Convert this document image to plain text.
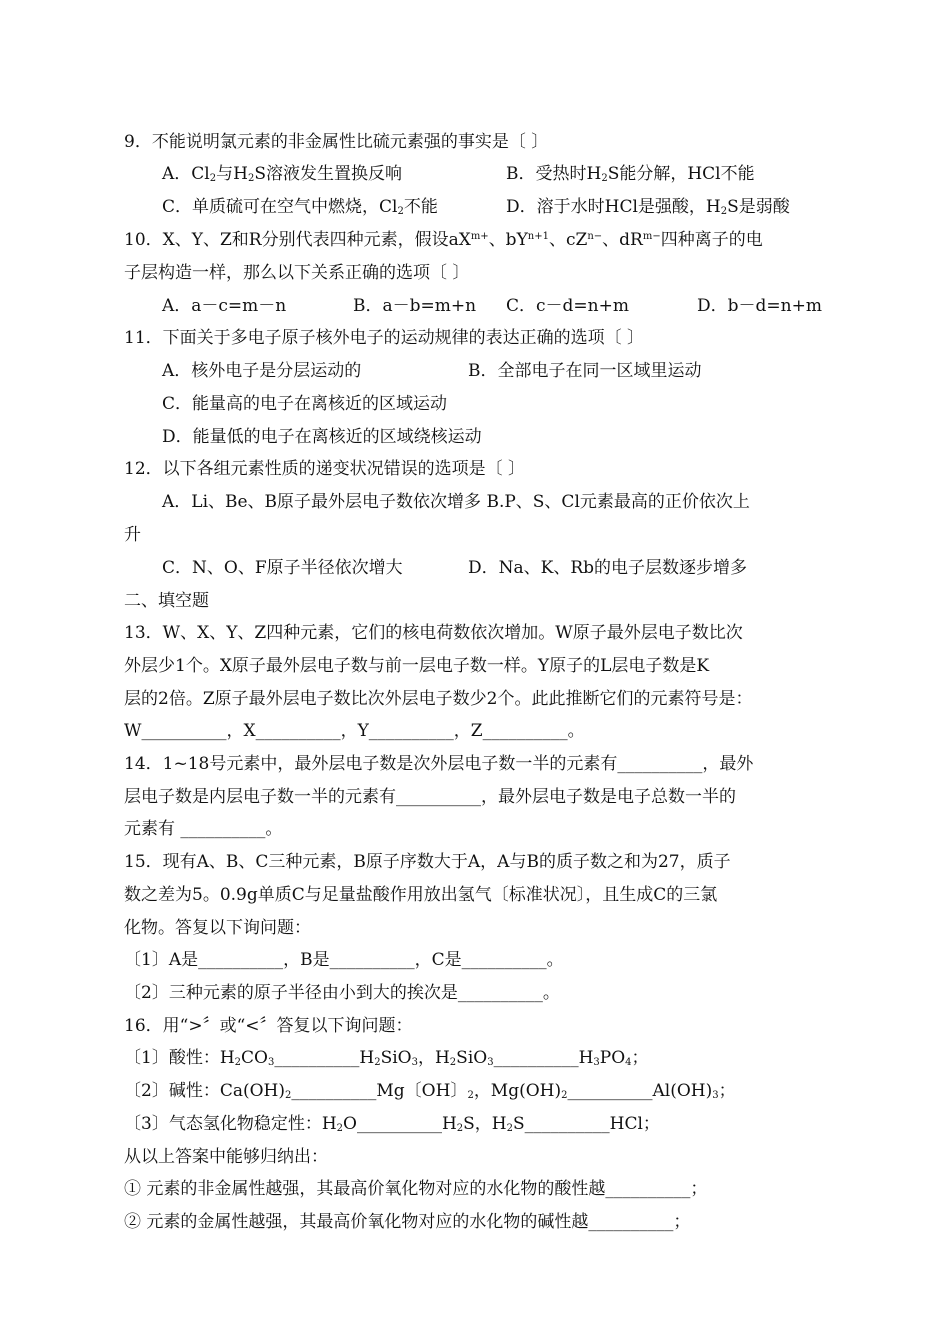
9．不能说明氯元素的非金属性比硫元素强的事实是〔 〕
A．$Cl_2$与$H_2S$溶液发生置换反响	B．受热时$H_2S$能分解，HCl不能
C．单质硫可在空气中燃烧，$Cl_2$不能	D．溶于水时HCl是强酸，$H_2S$是弱酸
10．X、Y、Z和R分别代表四种元素，假设$aX^{m+}$、$bY^{n+1}$、$cZ^{n-}$、$dR^{m-}$四种离子的电
子层构造一样，那么以下关系正确的选项〔 〕
A．a－c=m－n	B．a－b=m+n C．c－d=n+m	D．b－d=n+m
11．下面关于多电子原子核外电子的运动规律的表达正确的选项〔 〕
A．核外电子是分层运动的	B．全部电子在同一区域里运动
C．能量高的电子在离核近的区域运动
D．能量低的电子在离核近的区域绕核运动
12．以下各组元素性质的递变状况错误的选项是〔 〕
A．Li、Be、B原子最外层电子数依次增多 B.P、S、Cl元素最高的正价依次上
升
C．N、O、F原子半径依次增大	D．Na、K、Rb的电子层数逐步增多
二、填空题
13．W、X、Y、Z四种元素，它们的核电荷数依次增加。W原子最外层电子数比次
外层少1个。X原子最外层电子数与前一层电子数一样。Y原子的L层电子数是K
层的2倍。Z原子最外层电子数比次外层电子数少2个。此此推断它们的元素符号是：
W__________，X__________，Y__________，Z__________。
14．1~18号元素中，最外层电子数是次外层电子数一半的元素有__________，最外
层电子数是内层电子数一半的元素有__________，最外层电子数是电子总数一半的
元素有 __________。
15．现有A、B、C三种元素，B原子序数大于A，A与B的质子数之和为27，质子
数之差为5。0.9g单质C与足量盐酸作用放出氢气〔标准状况〕，且生成C的三氯
化物。答复以下询问题：
〔1〕A是__________，B是__________，C是__________。
〔2〕三种元素的原子半径由小到大的挨次是__________。
16．用“>〞或“<〞答复以下询问题：
〔1〕酸性：$H_2CO_3\_\_\_\_\_\_\_\_\_\_H_2SiO_3$，$H_2SiO_3\_\_\_\_\_\_\_\_\_\_H_3PO_4$；
〔2〕碱性：$Ca(OH)_2\_\_\_\_\_\_\_\_\_\_Mg$〔OH〕$_2$，$Mg(OH)_2\_\_\_\_\_\_\_\_\_\_Al(OH)_3$；
〔3〕气态氢化物稳定性：$H_2O\_\_\_\_\_\_\_\_\_\_H_2S$，$H_2S\_\_\_\_\_\_\_\_\_\_HCl$；
从以上答案中能够归纳出：
① 元素的非金属性越强，其最高价氧化物对应的水化物的酸性越__________；
② 元素的金属性越强，其最高价氧化物对应的水化物的碱性越__________；
